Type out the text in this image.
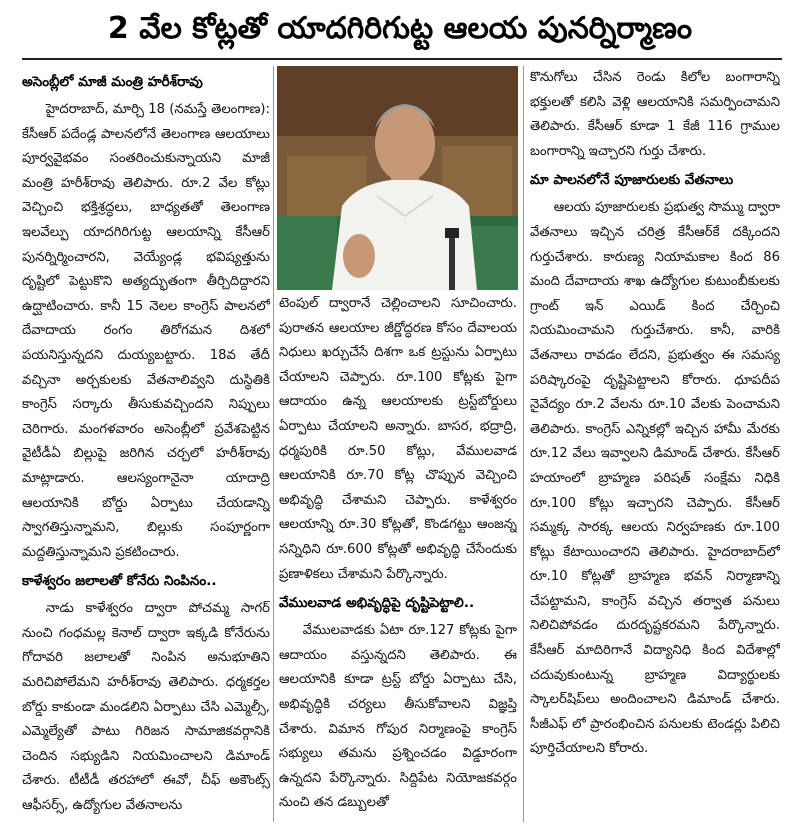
2 వేల కోట్లతో యాదగిరిగుట్ట ఆలయ పునర్నిర్మాణం
అసెంబ్లీలో మాజీ మంత్రి హరీశ్‌రావు

హైదరాబాద్, మార్చి 18 (నమస్తే తెలంగాణ): కేసీఆర్ పదేండ్ల పాలనలోనే తెలంగాణ ఆలయాలు పూర్వవైభవం సంతరించుకున్నాయని మాజీ మంత్రి హరీశ్‌రావు తెలిపారు. రూ.2 వేల కోట్లు వెచ్చించి భక్తిశ్రద్ధలు, బాధ్యతతో తెలంగాణ ఇలవేల్పు యాదగిరిగుట్ట ఆలయాన్ని కేసీఆర్ పునర్నిర్మించారని, వెయ్యేండ్ల భవిష్యత్తును దృష్టిలో పెట్టుకొని అత్యద్భుతంగా తీర్చిదిద్దారని ఉద్ఘాటించారు. కానీ 15 నెలల కాంగ్రెస్ పాలనలో దేవాదాయ రంగం తిరోగమన దిశలో పయనిస్తున్నదని దుయ్యబట్టారు. 18వ తేదీ వచ్చినా అర్చకులకు వేతనాలివ్వని దుస్థితికి కాంగ్రెస్ సర్కారు తీసుకువచ్చిందని నిప్పులు చెరిగారు. మంగళవారం అసెంబ్లీలో ప్రవేశపెట్టిన వైటీడీఏ బిల్లుపై జరిగిన చర్చలో హరీశ్‌రావు మాట్లాడారు. ఆలస్యంగానైనా యాదాద్రి ఆలయానికి బోర్డు ఏర్పాటు చేయడాన్ని స్వాగతిస్తున్నామని, బిల్లుకు సంపూర్ణంగా మద్దతిస్తున్నామని ప్రకటించారు.

కాళేశ్వరం జలాలతో కోనేరు నింపినం..

నాడు కాళేశ్వరం ద్వారా పోచమ్మ సాగర్ నుంచి గంధమల్ల కెనాల్ ద్వారా ఇక్కడి కోనేరును గోదావరి జలాలతో నింపిన అనుభూతిని మరిచిపోలేమని హరీశ్‌రావు తెలిపారు. ధర్మకర్తల బోర్డు కాకుండా మండలిని ఏర్పాటు చేసి ఎమ్మెల్సీ, ఎమ్మెల్యేతో పాటు గిరిజన సామాజికవర్గానికి చెందిన సభ్యుడిని నియమించాలని డిమాండ్ చేశారు. టీటీడీ తరహాలో ఈవో, చీఫ్ అకౌంట్స్ ఆఫీసర్స్, ఉద్యోగుల వేతనాలను

టెంపుల్ ద్వారానే చెల్లించాలని సూచించారు. పురాతన ఆలయాల జీర్ణోద్ధరణ కోసం దేవాలయ నిధులు ఖర్చుచేసే దిశగా ఒక ట్రస్టును ఏర్పాటు చేయాలని చెప్పారు. రూ.100 కోట్లకు పైగా ఆదాయం ఉన్న ఆలయాలకు ట్రస్ట్‌బోర్డులు ఏర్పాటు చేయాలని అన్నారు. బాసర, భద్రాద్రి, ధర్మపురికి రూ.50 కోట్లు, వేములవాడ ఆలయానికి రూ.70 కోట్ల చొప్పున వెచ్చించి అభివృద్ధి చేశామని చెప్పారు. కాళేశ్వరం ఆలయాన్ని రూ.30 కోట్లతో, కొండగట్టు ఆంజన్న సన్నిధిని రూ.600 కోట్లతో అభివృద్ధి చేసేందుకు ప్రణాళికలు చేశామని పేర్కొన్నారు.

వేములవాడ అభివృద్ధిపై దృష్టిపెట్టాలి..

వేములవాడకు ఏటా రూ.127 కోట్లకు పైగా ఆదాయం వస్తున్నదని తెలిపారు. ఈ ఆలయానికి కూడా ట్రస్ట్ బోర్డు ఏర్పాటు చేసి, అభివృద్ధికి చర్యలు తీసుకోవాలని విజ్ఞప్తి చేశారు. విమాన గోపుర నిర్మాణంపై కాంగ్రెస్ సభ్యులు తమను ప్రశ్నించడం విడ్డూరంగా ఉన్నదని పేర్కొన్నారు. సిద్దిపేట నియోజకవర్గం నుంచి తన డబ్బులతో

కొనుగోలు చేసిన రెండు కిలోల బంగారాన్ని భక్తులతో కలిసి వెళ్లి ఆలయానికి సమర్పించామని తెలిపారు. కేసీఆర్ కూడా 1 కేజీ 116 గ్రాముల బంగారాన్ని ఇచ్చారని గుర్తు చేశారు.

మా పాలనలోనే పూజారులకు వేతనాలు

ఆలయ పూజారులకు ప్రభుత్వ సొమ్ము ద్వారా వేతనాలు ఇచ్చిన చరిత్ర కేసీఆర్‌కే దక్కిందని గుర్తుచేశారు. కారుణ్య నియామకాల కింద 86 మంది దేవాదాయ శాఖ ఉద్యోగుల కుటుంబీకులకు గ్రాంట్ ఇన్ ఎయిడ్ కింద చేర్చించి నియమించామని గుర్తుచేశారు. కానీ, వారికి వేతనాలు రావడం లేదని, ప్రభుత్వం ఈ సమస్య పరిష్కారంపై దృష్టిపెట్టాలని కోరారు. ధూపదీప నైవేద్యం రూ.2 వేలను రూ.10 వేలకు పెంచామని తెలిపారు. కాంగ్రెస్ ఎన్నికల్లో ఇచ్చిన హామీ మేరకు రూ.12 వేలు ఇవ్వాలని డిమాండ్ చేశారు. కేసీఆర్ హయాంలో బ్రాహ్మణ పరిషత్ సంక్షేమ నిధికి రూ.100 కోట్లు ఇచ్చారని చెప్పారు. కేసీఆర్ సమ్మక్క సారక్క ఆలయ నిర్వహణకు రూ.100 కోట్లు కేటాయించారని తెలిపారు. హైదరాబాద్‌లో రూ.10 కోట్లతో బ్రాహ్మణ భవన్ నిర్మాణాన్ని చేపట్టామని, కాంగ్రెస్ వచ్చిన తర్వాత పనులు నిలిచిపోవడం దురదృష్టకరమని పేర్కొన్నారు. కేసీఆర్ మాదిరిగానే విద్యానిధి కింద విదేశాల్లో చదువుకుంటున్న బ్రాహ్మణ విద్యార్థులకు స్కాలర్‌షిప్‌లు అందించాలని డిమాండ్ చేశారు. సీజీఎఫ్ లో ప్రారంభించిన పనులకు టెండర్లు పిలిచి పూర్తిచేయాలని కోరారు.
